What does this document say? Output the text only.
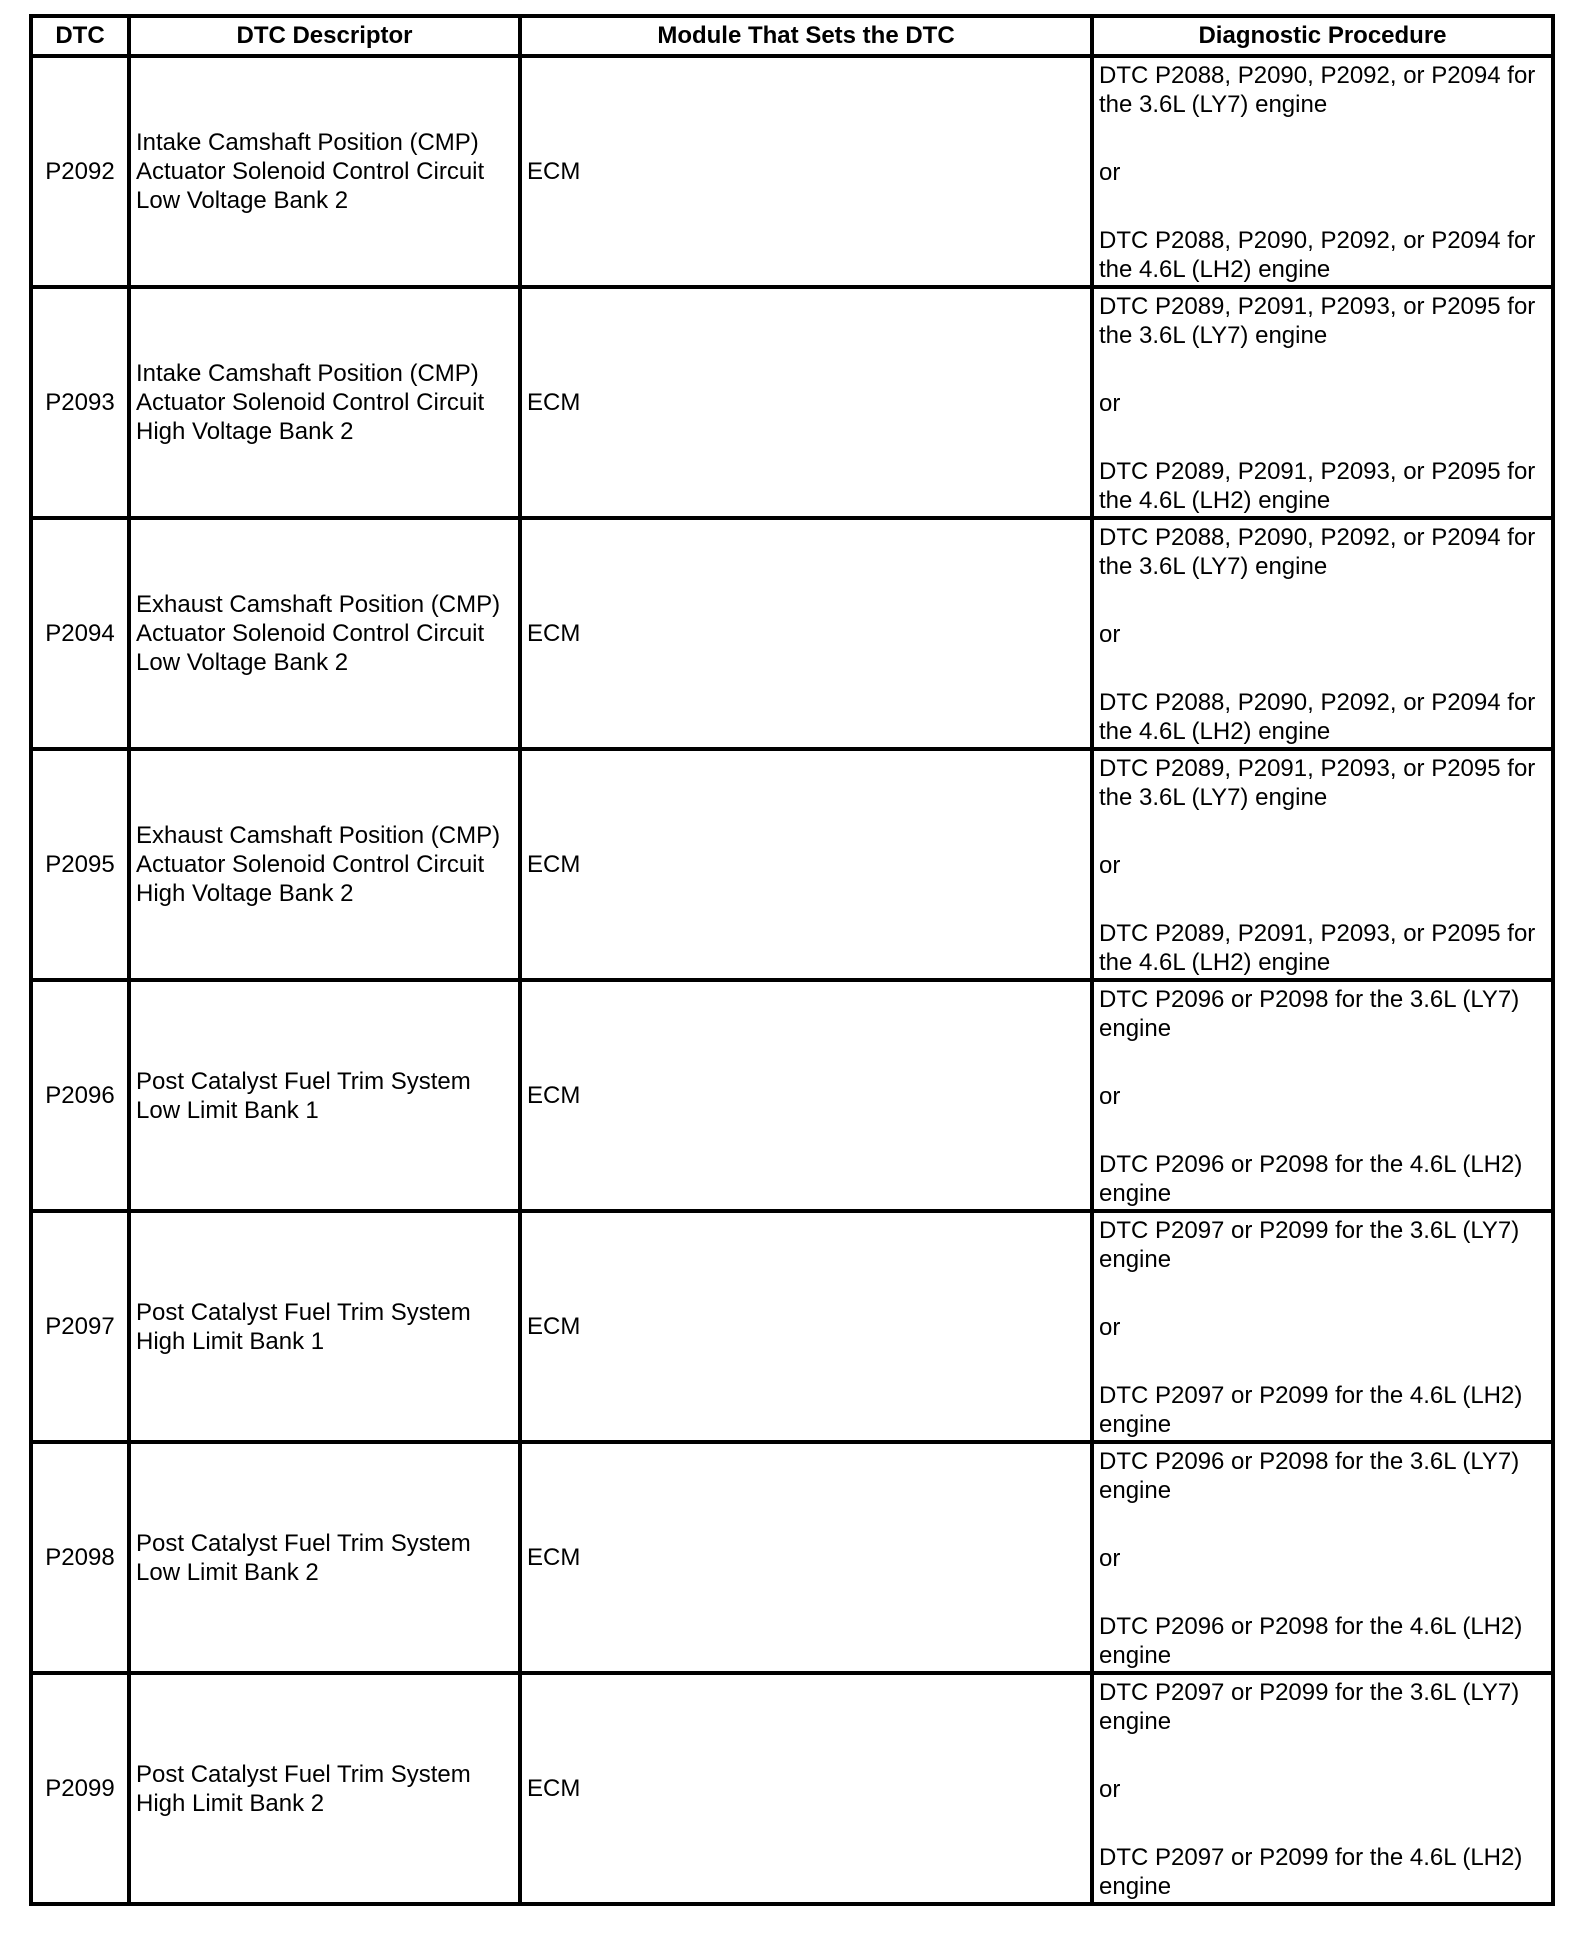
DTC	DTC Descriptor	Module That Sets the DTC	Diagnostic Procedure
P2092	Intake Camshaft Position (CMP) Actuator Solenoid Control Circuit Low Voltage Bank 2	ECM	DTC P2088, P2090, P2092, or P2094 for the 3.6L (LY7) engine
or
DTC P2088, P2090, P2092, or P2094 for the 4.6L (LH2) engine

P2093	Intake Camshaft Position (CMP) Actuator Solenoid Control Circuit High Voltage Bank 2	ECM	DTC P2089, P2091, P2093, or P2095 for the 3.6L (LY7) engine
or
DTC P2089, P2091, P2093, or P2095 for the 4.6L (LH2) engine

P2094	Exhaust Camshaft Position (CMP) Actuator Solenoid Control Circuit Low Voltage Bank 2	ECM	DTC P2088, P2090, P2092, or P2094 for the 3.6L (LY7) engine
or
DTC P2088, P2090, P2092, or P2094 for the 4.6L (LH2) engine

P2095	Exhaust Camshaft Position (CMP) Actuator Solenoid Control Circuit High Voltage Bank 2	ECM	DTC P2089, P2091, P2093, or P2095 for the 3.6L (LY7) engine
or
DTC P2089, P2091, P2093, or P2095 for the 4.6L (LH2) engine

P2096	Post Catalyst Fuel Trim System Low Limit Bank 1	ECM	DTC P2096 or P2098 for the 3.6L (LY7) engine
or
DTC P2096 or P2098 for the 4.6L (LH2) engine

P2097	Post Catalyst Fuel Trim System High Limit Bank 1	ECM	DTC P2097 or P2099 for the 3.6L (LY7) engine
or
DTC P2097 or P2099 for the 4.6L (LH2) engine

P2098	Post Catalyst Fuel Trim System Low Limit Bank 2	ECM	DTC P2096 or P2098 for the 3.6L (LY7) engine
or
DTC P2096 or P2098 for the 4.6L (LH2) engine

P2099	Post Catalyst Fuel Trim System High Limit Bank 2	ECM	DTC P2097 or P2099 for the 3.6L (LY7) engine
or
DTC P2097 or P2099 for the 4.6L (LH2) engine
